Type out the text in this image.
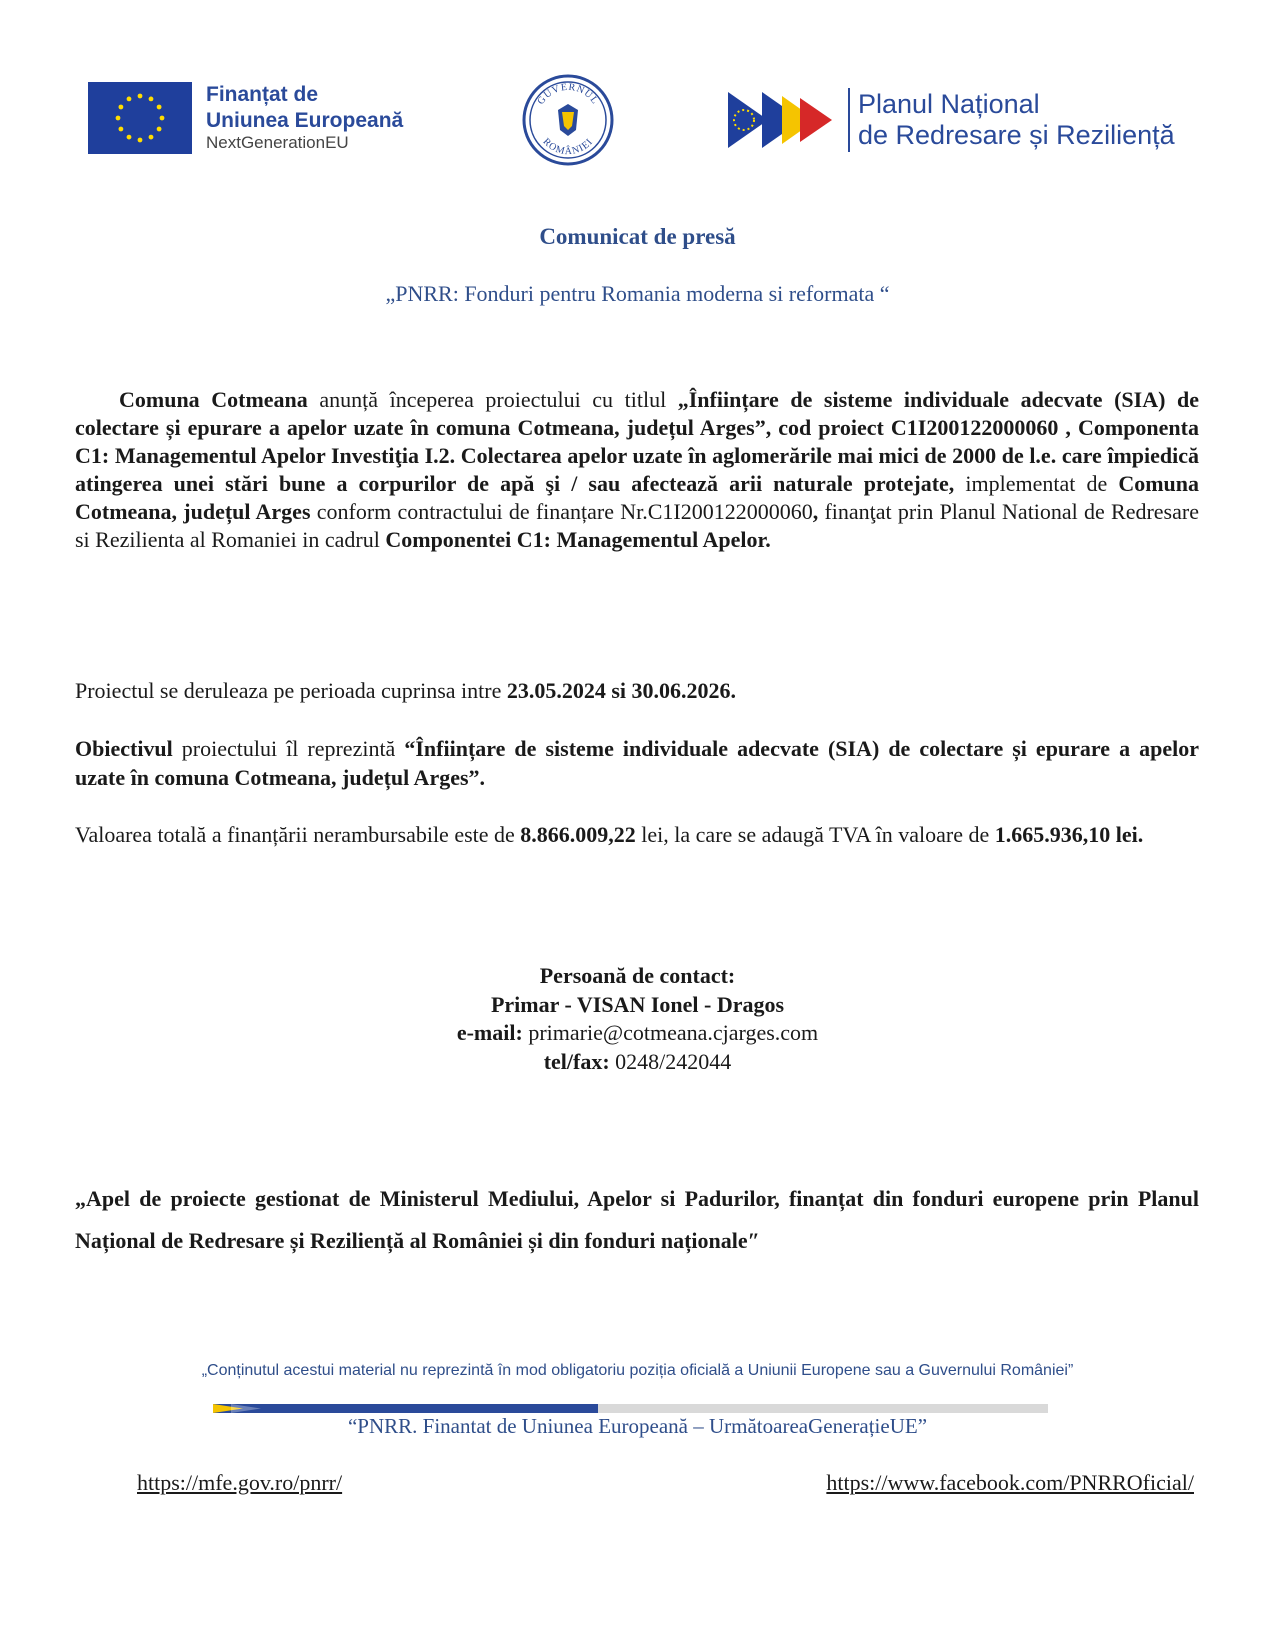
Finanțat de
Uniunea Europeană
NextGenerationEU
GUVERNUL
ROMÂNIEI
Planul Național
de Redresare și Reziliență
Comunicat de presă
„PNRR: Fonduri pentru Romania moderna si reformata “
Comuna Cotmeana anunță începerea proiectului cu titlul „Înființare de sisteme individuale adecvate (SIA) de colectare și epurare a apelor uzate în comuna Cotmeana, județul Arges”, cod proiect C1I200122000060 , Componenta C1: Managementul Apelor Investiţia I.2. Colectarea apelor uzate în aglomerările mai mici de 2000 de l.e. care împiedică atingerea unei stări bune a corpurilor de apă şi / sau afectează arii naturale protejate, implementat de Comuna Cotmeana, județul Arges conform contractului de finanțare Nr.C1I200122000060, finanţat prin Planul National de Redresare si Rezilienta al Romaniei in cadrul Componentei C1: Managementul Apelor.
Proiectul se deruleaza pe perioada cuprinsa intre 23.05.2024 si 30.06.2026.
Obiectivul proiectului îl reprezintă “Înființare de sisteme individuale adecvate (SIA) de colectare și epurare a apelor uzate în comuna Cotmeana, județul Arges”.
Valoarea totală a finanțării nerambursabile este de 8.866.009,22 lei, la care se adaugă TVA în valoare de 1.665.936,10 lei.
Persoană de contact:
Primar - VISAN Ionel - Dragos
e-mail: primarie@cotmeana.cjarges.com
tel/fax: 0248/242044
„Apel de proiecte gestionat de Ministerul Mediului, Apelor si Padurilor, finanțat din fonduri europene prin Planul Național de Redresare și Reziliență al României și din fonduri naționale″
„Conținutul acestui material nu reprezintă în mod obligatoriu poziția oficială a Uniunii Europene sau a Guvernului României”
“PNRR. Finantat de Uniunea Europeană – UrmătoareaGenerațieUE”
https://mfe.gov.ro/pnrr/	https://www.facebook.com/PNRROficial/
